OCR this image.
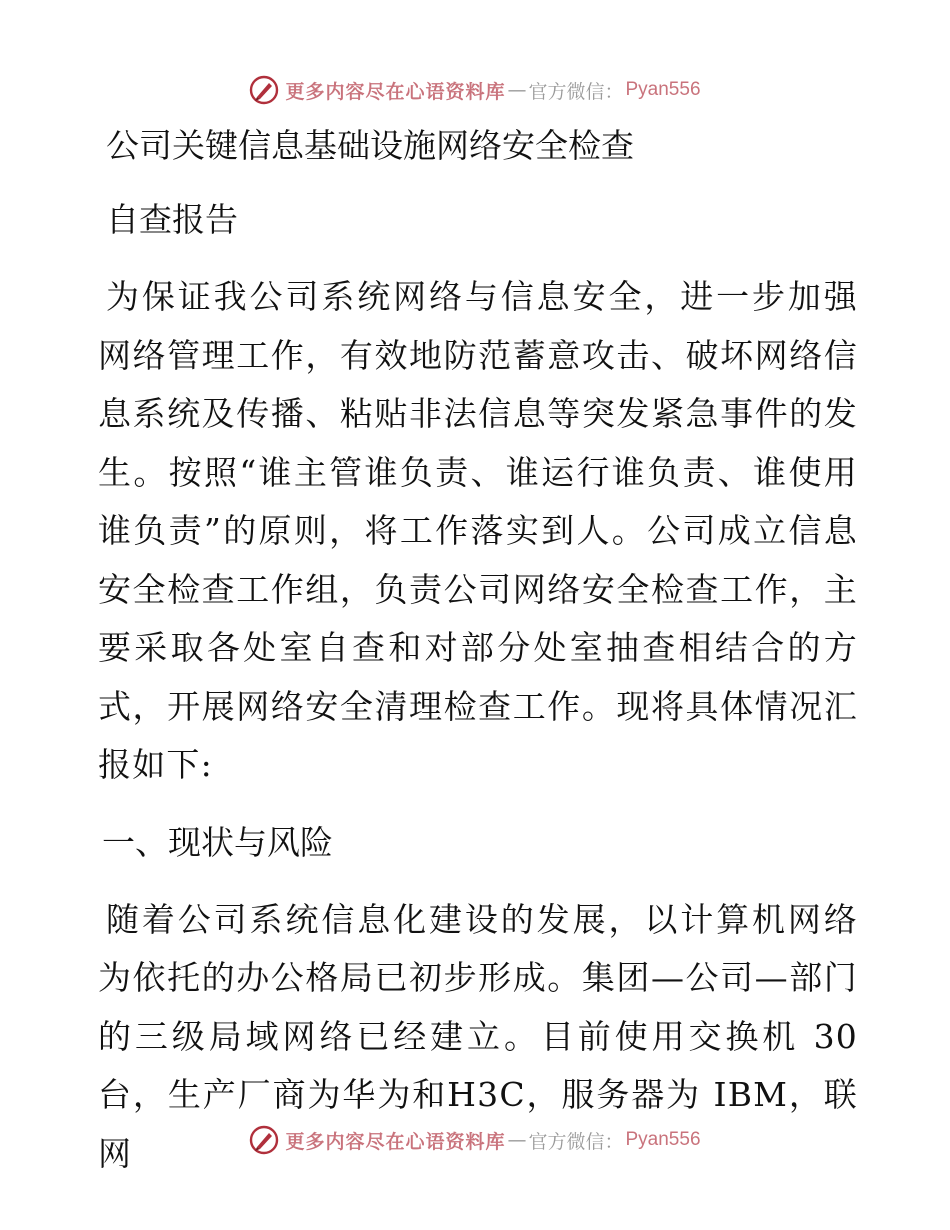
更多内容尽在心语资料库 — 官方微信： Pyan556
公司关键信息基础设施网络安全检查
自查报告

为保证我公司系统网络与信息安全，进一步加强网络管理工作，有效地防范蓄意攻击、破坏网络信息系统及传播、粘贴非法信息等突发紧急事件的发生。按照“谁主管谁负责、谁运行谁负责、谁使用谁负责”的原则，将工作落实到人。公司成立信息安全检查工作组，负责公司网络安全检查工作，主要采取各处室自查和对部分处室抽查相结合的方式，开展网络安全清理检查工作。现将具体情况汇报如下:

一、现状与风险

随着公司系统信息化建设的发展，以计算机网络为依托的办公格局已初步形成。集团—公司—部门的三级局域网络已经建立。目前使用交换机 30 台，生产厂商为华为和H3C，服务器为 IBM，联网	更多内容尽在心语资料库 — 官方微信： Pyan556
